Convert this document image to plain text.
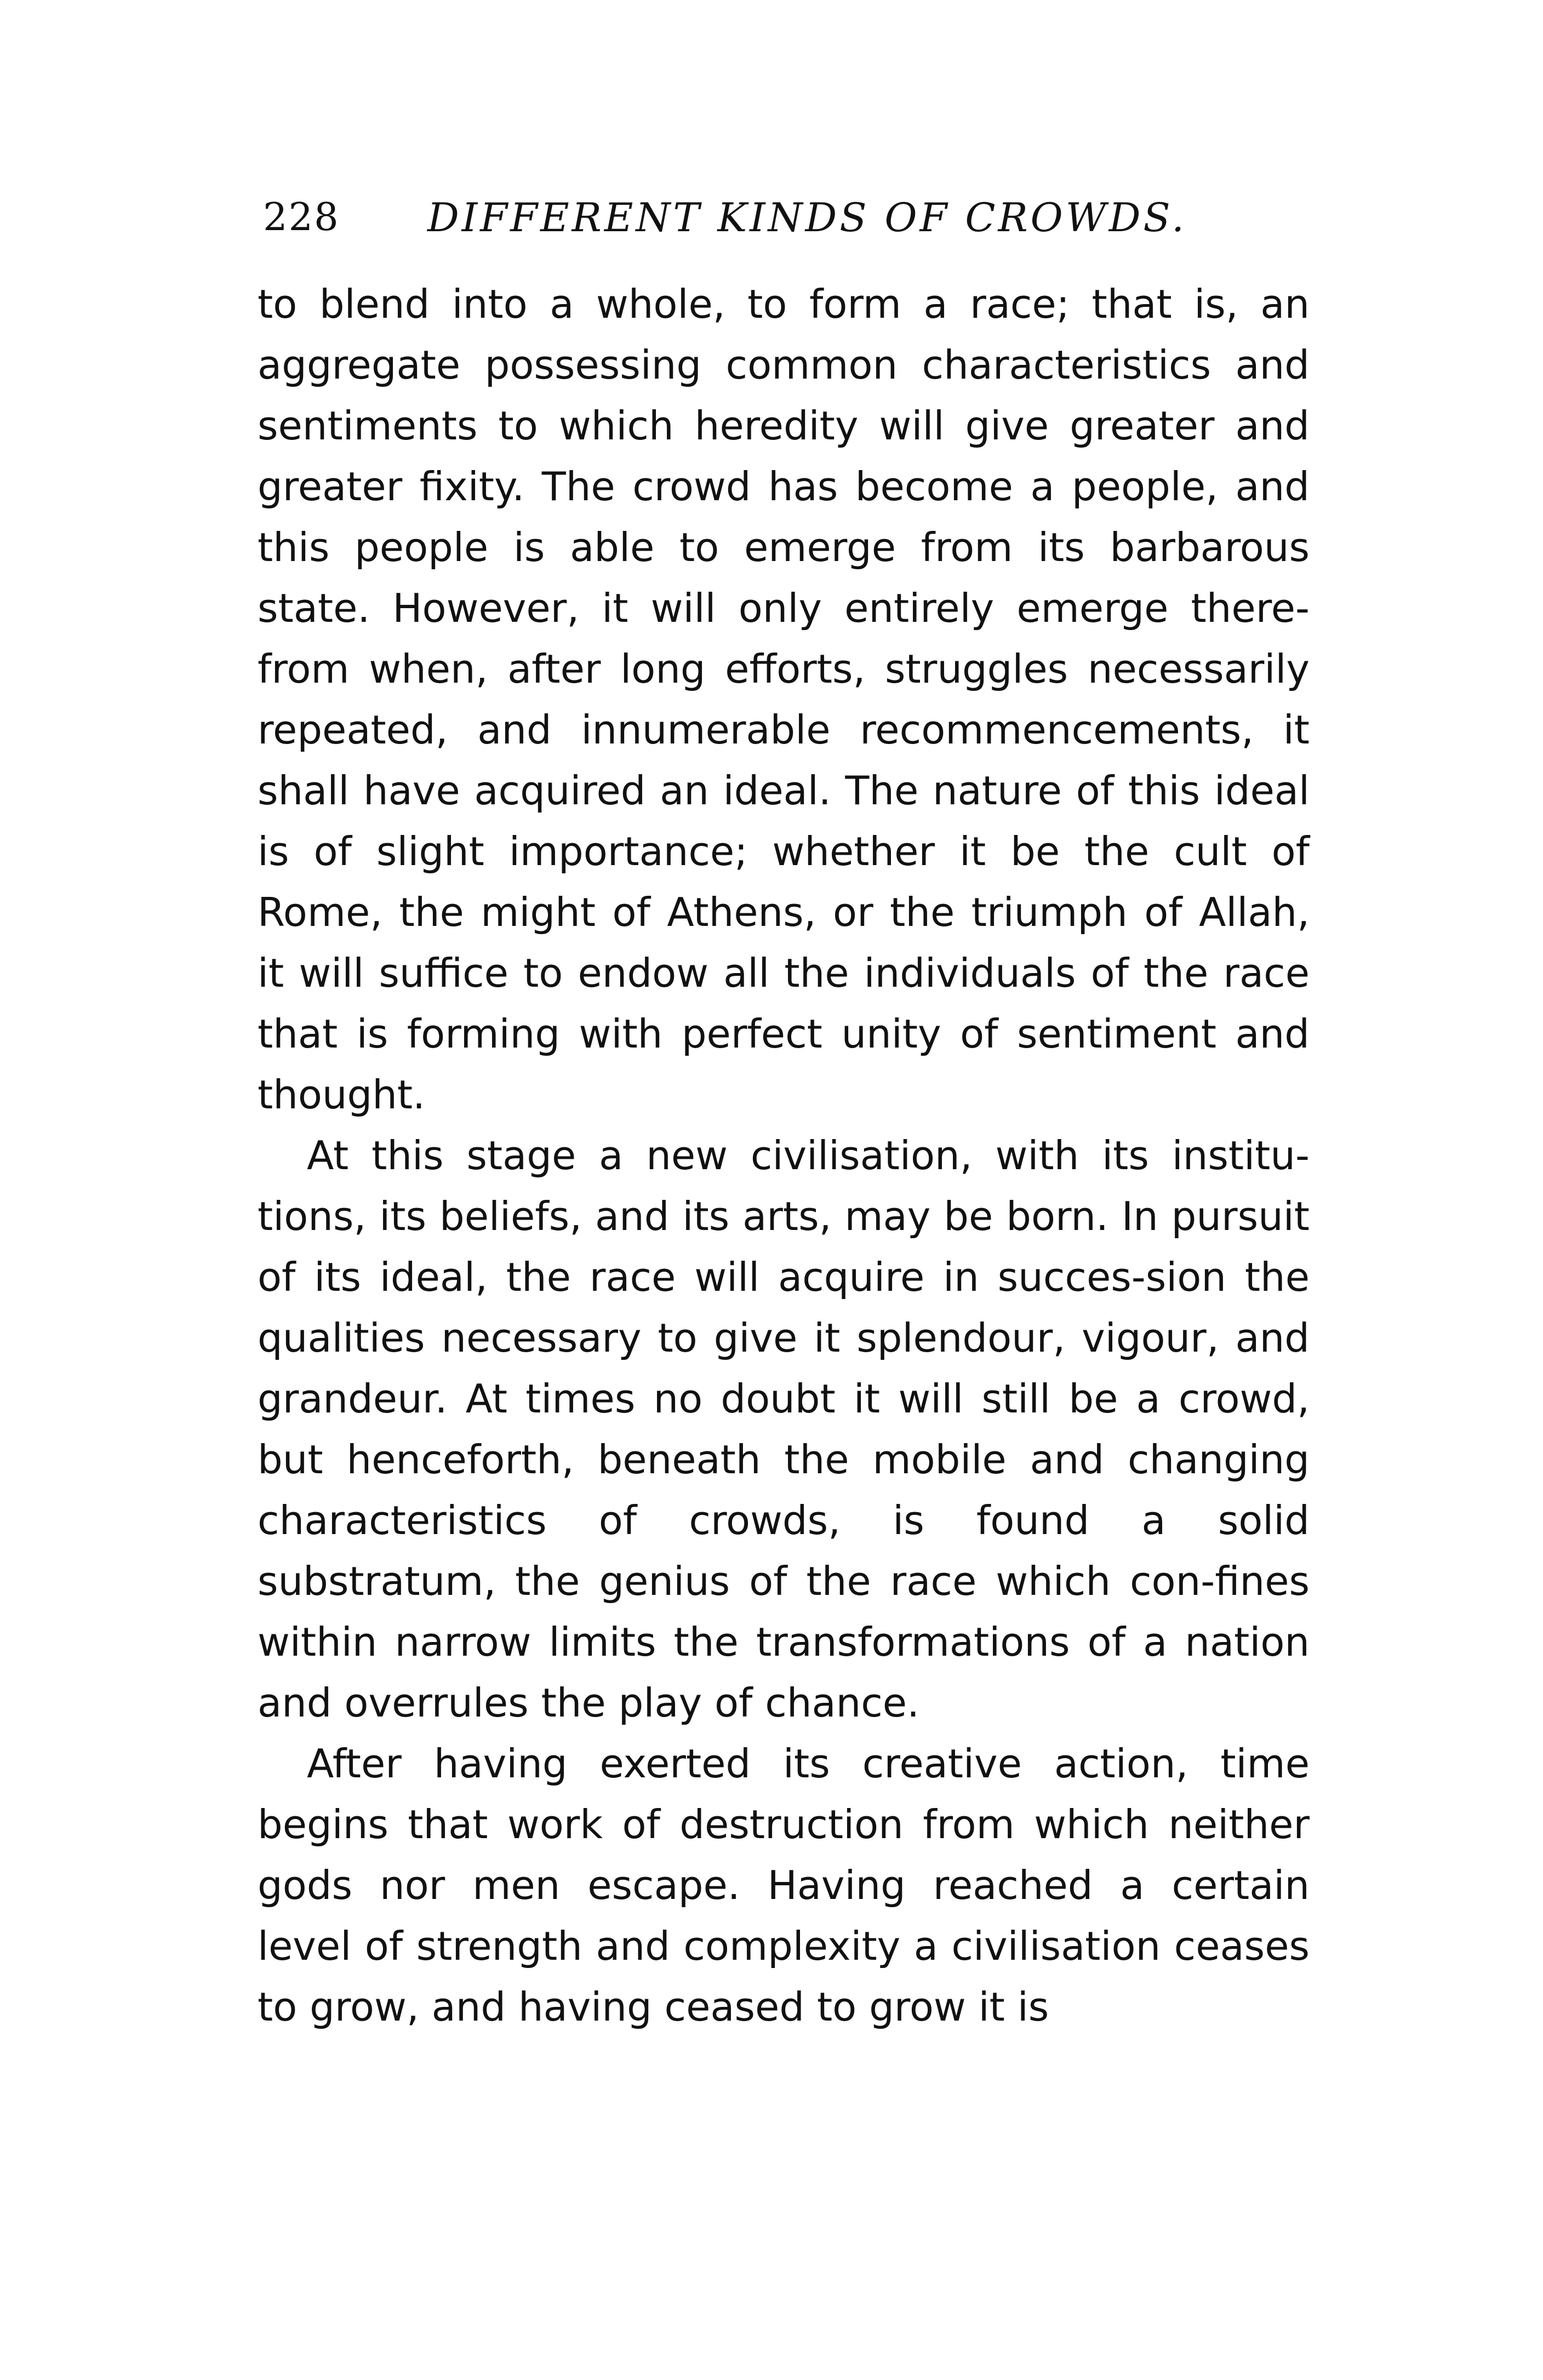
228 DIFFERENT KINDS OF CROWDS.

to blend into a whole, to form a race; that is, an aggregate possessing common characteristics and sentiments to which heredity will give greater and greater fixity. The crowd has become a people, and this people is able to emerge from its barbarous state. However, it will only entirely emerge there-from when, after long efforts, struggles necessarily repeated, and innumerable recommencements, it shall have acquired an ideal. The nature of this ideal is of slight importance; whether it be the cult of Rome, the might of Athens, or the triumph of Allah, it will suffice to endow all the individuals of the race that is forming with perfect unity of sentiment and thought.

At this stage a new civilisation, with its institu-tions, its beliefs, and its arts, may be born. In pursuit of its ideal, the race will acquire in succes-sion the qualities necessary to give it splendour, vigour, and grandeur. At times no doubt it will still be a crowd, but henceforth, beneath the mobile and changing characteristics of crowds, is found a solid substratum, the genius of the race which con-fines within narrow limits the transformations of a nation and overrules the play of chance.

After having exerted its creative action, time begins that work of destruction from which neither gods nor men escape. Having reached a certain level of strength and complexity a civilisation ceases to grow, and having ceased to grow it is
